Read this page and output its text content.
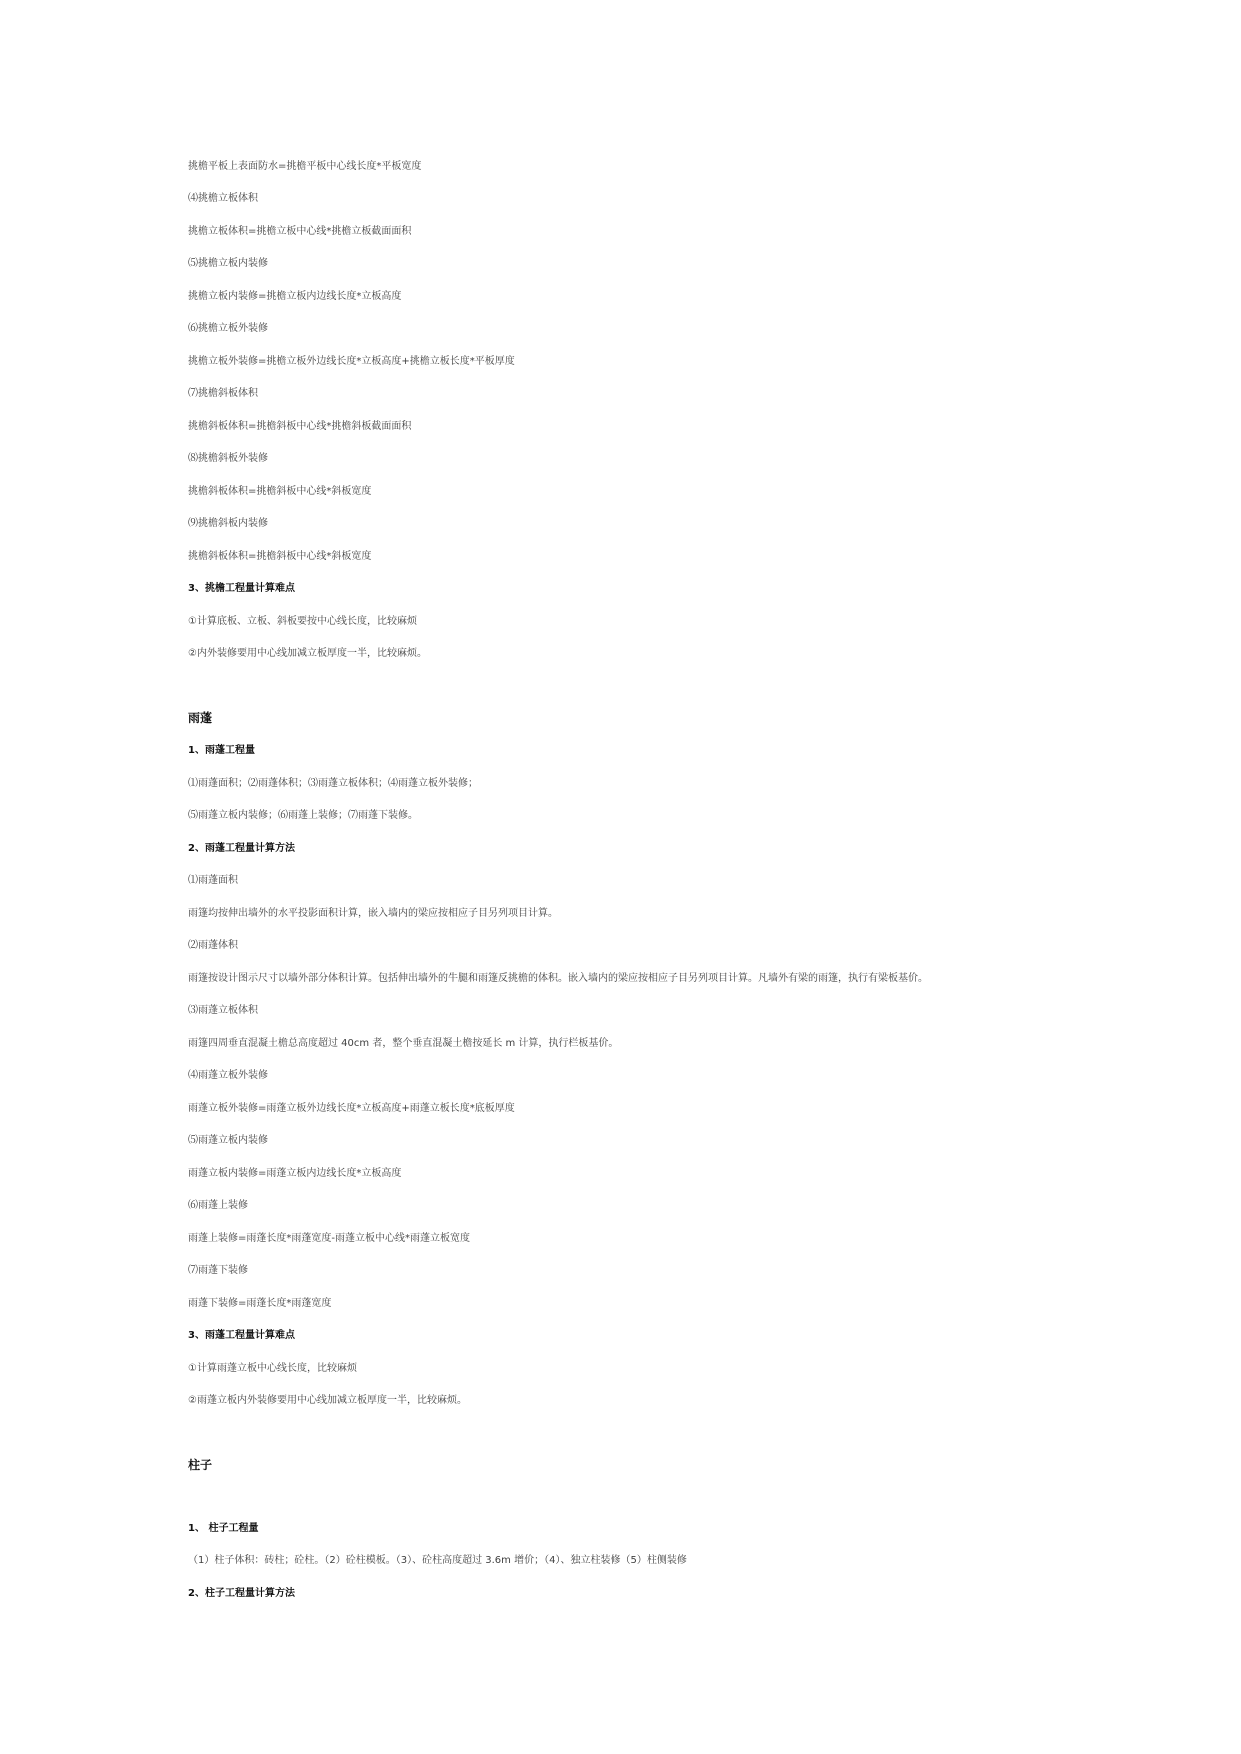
挑檐平板上表面防水=挑檐平板中心线长度*平板宽度
⑷挑檐立板体积
挑檐立板体积=挑檐立板中心线*挑檐立板截面面积
⑸挑檐立板内装修
挑檐立板内装修=挑檐立板内边线长度*立板高度
⑹挑檐立板外装修
挑檐立板外装修=挑檐立板外边线长度*立板高度+挑檐立板长度*平板厚度
⑺挑檐斜板体积
挑檐斜板体积=挑檐斜板中心线*挑檐斜板截面面积
⑻挑檐斜板外装修
挑檐斜板体积=挑檐斜板中心线*斜板宽度
⑼挑檐斜板内装修
挑檐斜板体积=挑檐斜板中心线*斜板宽度
3、挑檐工程量计算难点
①计算底板、立板、斜板要按中心线长度，比较麻烦
②内外装修要用中心线加减立板厚度一半，比较麻烦。
雨蓬
1、雨蓬工程量
⑴雨蓬面积；⑵雨蓬体积；⑶雨蓬立板体积；⑷雨蓬立板外装修；
⑸雨蓬立板内装修；⑹雨蓬上装修；⑺雨蓬下装修。
2、雨蓬工程量计算方法
⑴雨蓬面积
雨篷均按伸出墙外的水平投影面积计算，嵌入墙内的梁应按相应子目另列项目计算。
⑵雨蓬体积
雨篷按设计图示尺寸以墙外部分体积计算。包括伸出墙外的牛腿和雨篷反挑檐的体积。嵌入墙内的梁应按相应子目另列项目计算。凡墙外有梁的雨篷，执行有梁板基价。
⑶雨蓬立板体积
雨篷四周垂直混凝土檐总高度超过 40cm 者，整个垂直混凝土檐按延长 m 计算，执行栏板基价。
⑷雨蓬立板外装修
雨蓬立板外装修=雨蓬立板外边线长度*立板高度+雨蓬立板长度*底板厚度
⑸雨蓬立板内装修
雨蓬立板内装修=雨蓬立板内边线长度*立板高度
⑹雨蓬上装修
雨蓬上装修=雨蓬长度*雨蓬宽度-雨蓬立板中心线*雨蓬立板宽度
⑺雨蓬下装修
雨蓬下装修=雨蓬长度*雨蓬宽度
3、雨蓬工程量计算难点
①计算雨蓬立板中心线长度，比较麻烦
②雨蓬立板内外装修要用中心线加减立板厚度一半，比较麻烦。
柱子
1、 柱子工程量
（1）柱子体积：砖柱；砼柱。（2）砼柱模板。（3）、砼柱高度超过 3.6m 增价；（4）、独立柱装修（5）柱侧装修
2、柱子工程量计算方法
